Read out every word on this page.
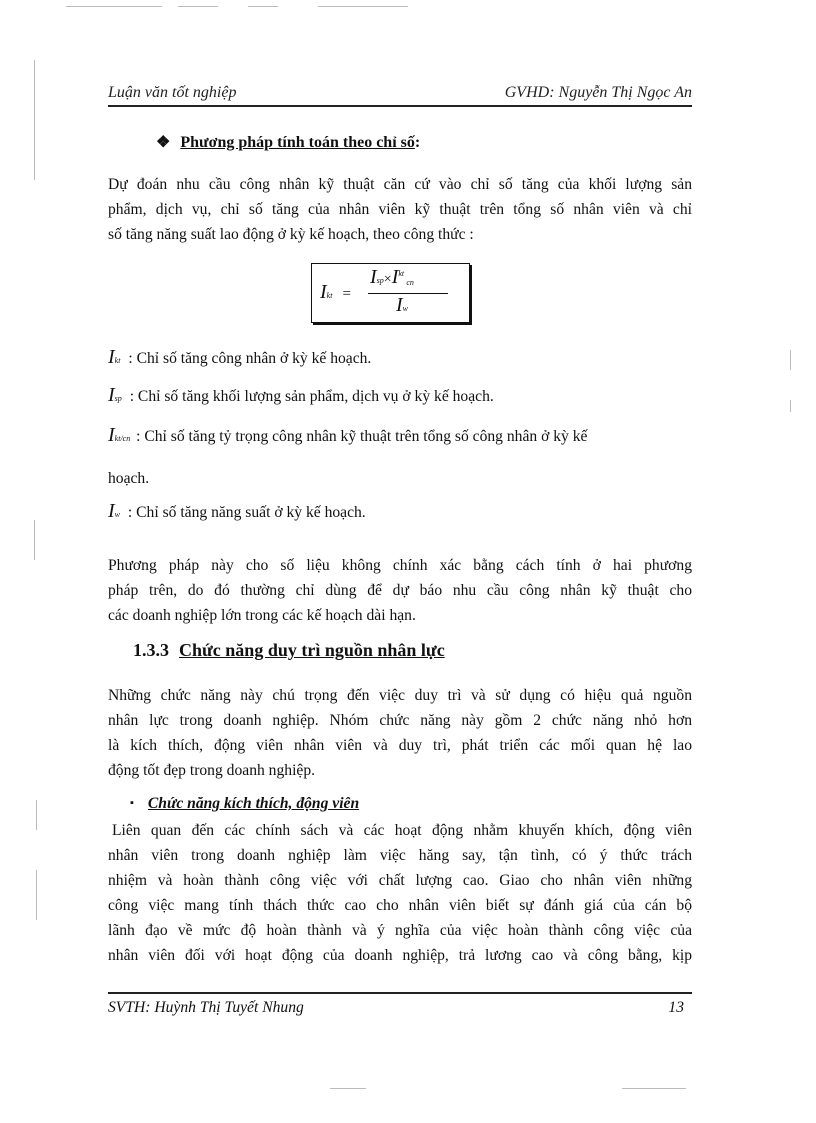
Luận văn tốt nghiệp	GVHD: Nguyễn Thị Ngọc An
❖ Phương pháp tính toán theo chỉ số:
Dự đoán nhu cầu công nhân kỹ thuật căn cứ vào chỉ số tăng của khối lượng sản
phẩm, dịch vụ, chỉ số tăng của nhân viên kỹ thuật trên tổng số nhân viên và chỉ
số tăng năng suất lao động ở kỳ kế hoạch, theo công thức :
Ikt =
Isp×I kt
cn
Iw
Ikt : Chỉ số tăng công nhân ở kỳ kế hoạch.
Isp : Chỉ số tăng khối lượng sản phẩm, dịch vụ ở kỳ kế hoạch.
Ikt/cn : Chỉ số tăng tỷ trọng công nhân kỹ thuật trên tổng số công nhân ở kỳ kế
hoạch.
Iw : Chỉ số tăng năng suất ở kỳ kế hoạch.
Phương pháp này cho số liệu không chính xác bằng cách tính ở hai phương
pháp trên, do đó thường chỉ dùng để dự báo nhu cầu công nhân kỹ thuật cho
các doanh nghiệp lớn trong các kế hoạch dài hạn.
1.3.3 Chức năng duy trì nguồn nhân lực
Những chức năng này chú trọng đến việc duy trì và sử dụng có hiệu quả nguồn
nhân lực trong doanh nghiệp. Nhóm chức năng này gồm 2 chức năng nhỏ hơn
là kích thích, động viên nhân viên và duy trì, phát triển các mối quan hệ lao
động tốt đẹp trong doanh nghiệp.
▪ Chức năng kích thích, động viên
Liên quan đến các chính sách và các hoạt động nhằm khuyến khích, động viên
nhân viên trong doanh nghiệp làm việc hăng say, tận tình, có ý thức trách
nhiệm và hoàn thành công việc với chất lượng cao. Giao cho nhân viên những
công việc mang tính thách thức cao cho nhân viên biết sự đánh giá của cán bộ
lãnh đạo về mức độ hoàn thành và ý nghĩa của việc hoàn thành công việc của
nhân viên đối với hoạt động của doanh nghiệp, trả lương cao và công bằng, kịp
SVTH: Huỳnh Thị Tuyết Nhung	13
